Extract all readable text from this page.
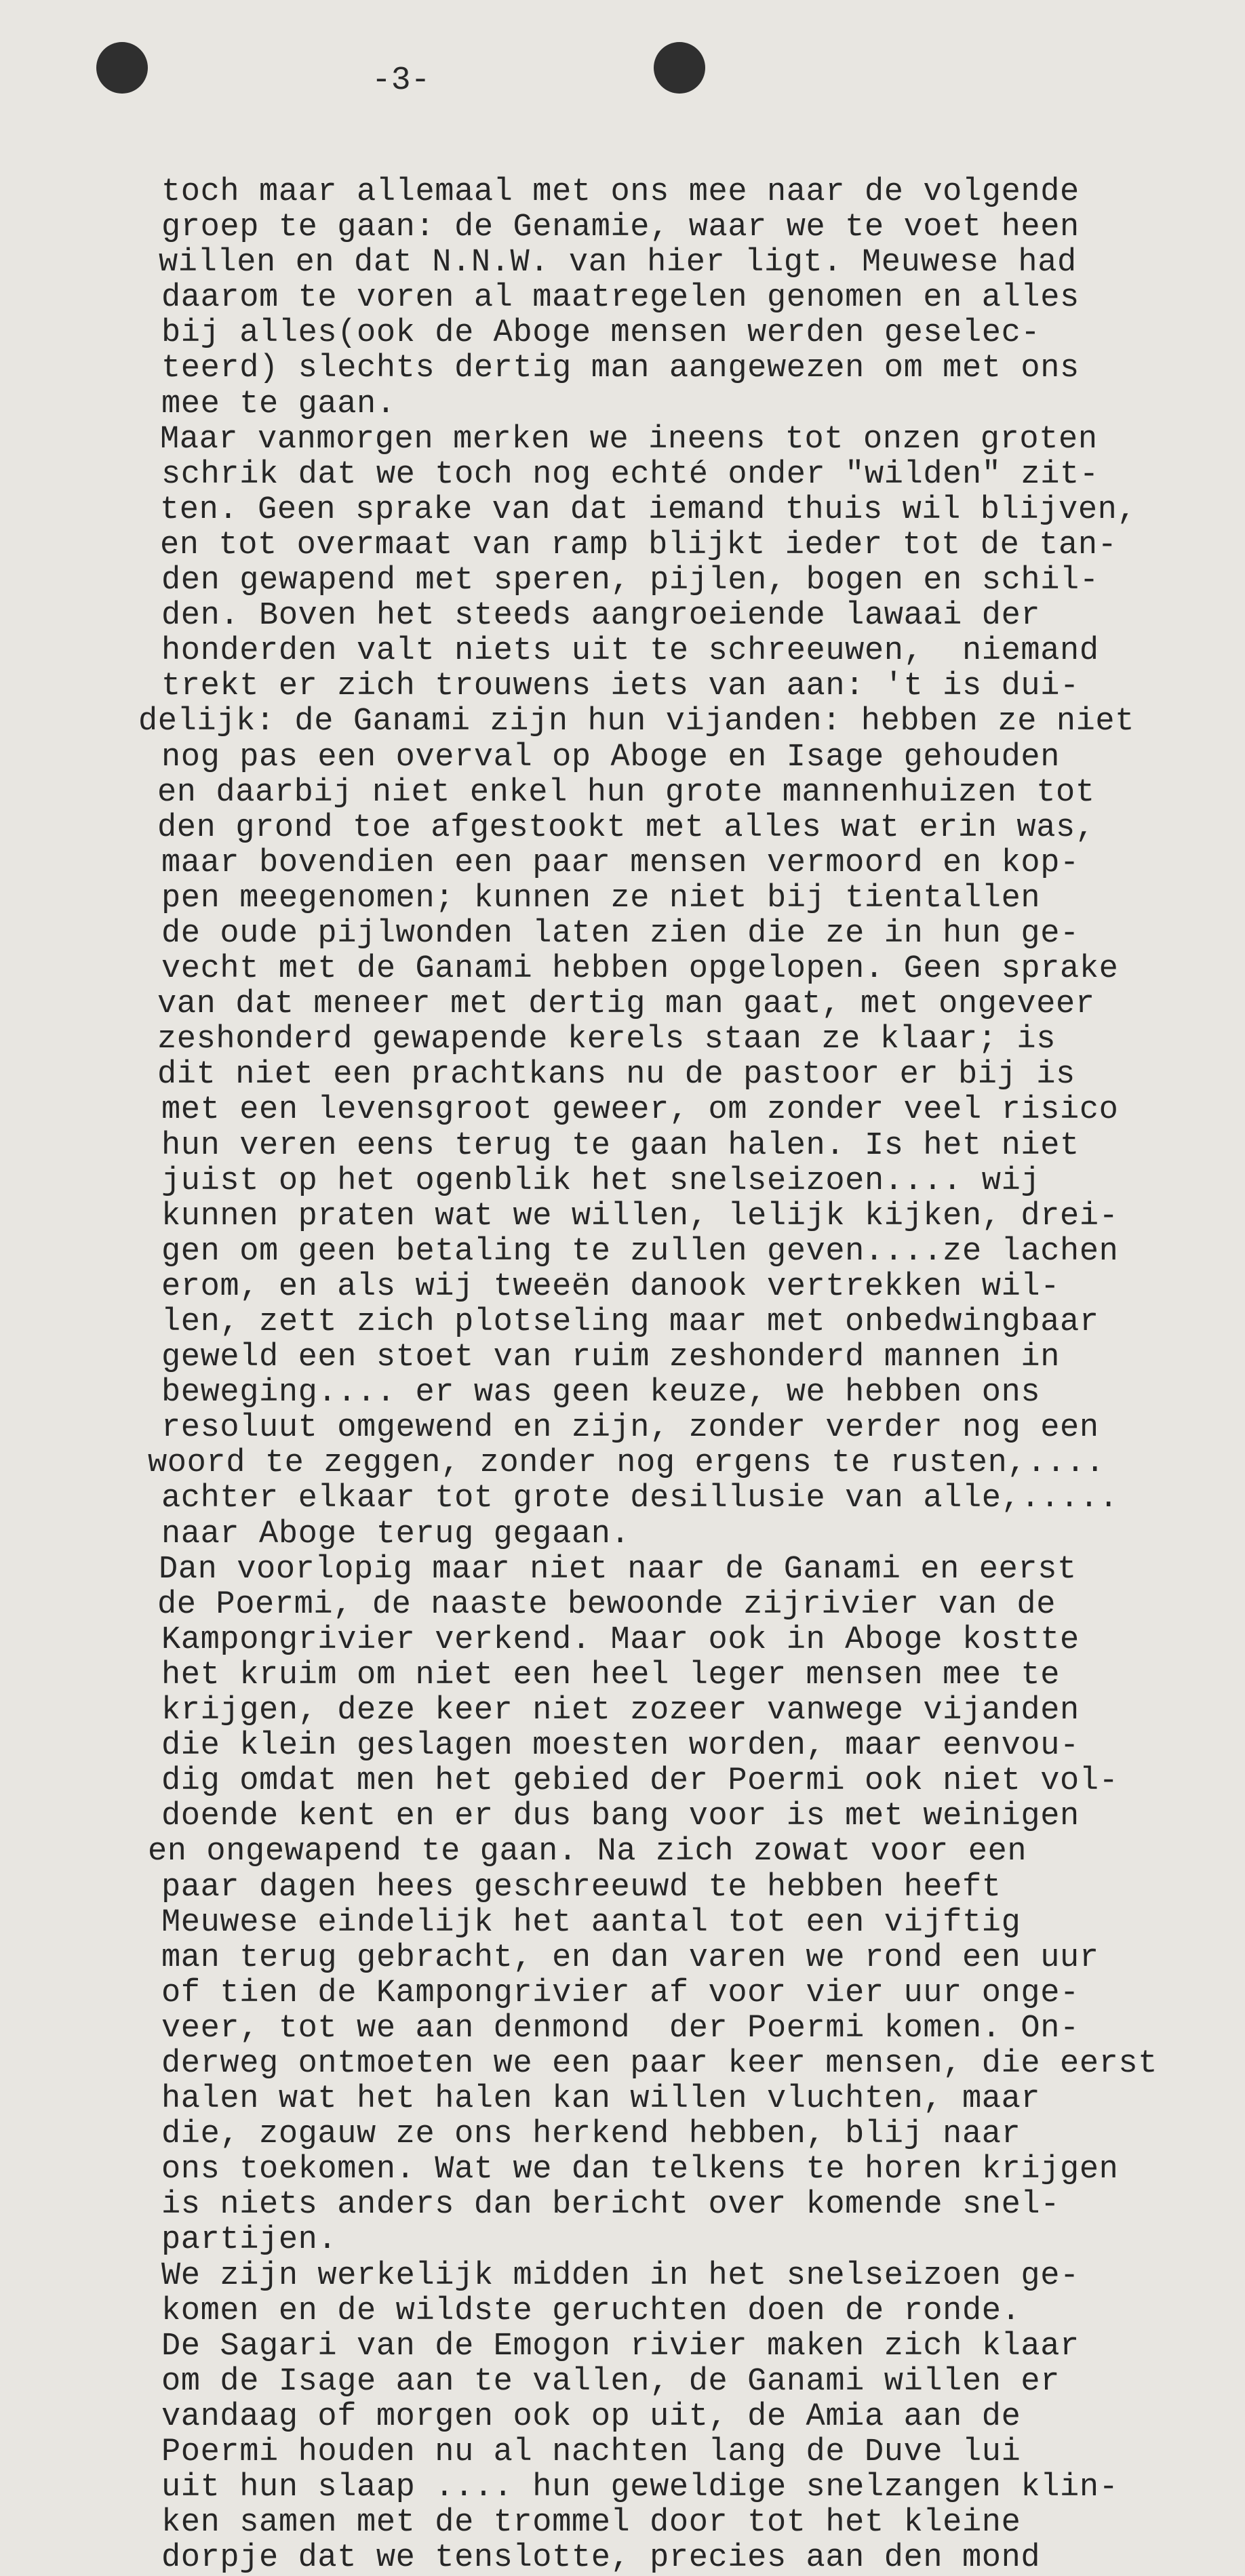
-3-
toch maar allemaal met ons mee naar de volgende
groep te gaan: de Genamie, waar we te voet heen
willen en dat N.N.W. van hier ligt. Meuwese had
daarom te voren al maatregelen genomen en alles
bij alles(ook de Aboge mensen werden geselec-
teerd) slechts dertig man aangewezen om met ons
mee te gaan.
Maar vanmorgen merken we ineens tot onzen groten
schrik dat we toch nog echté onder "wilden" zit-
ten. Geen sprake van dat iemand thuis wil blijven,
en tot overmaat van ramp blijkt ieder tot de tan-
den gewapend met speren, pijlen, bogen en schil-
den. Boven het steeds aangroeiende lawaai der
honderden valt niets uit te schreeuwen,  niemand
trekt er zich trouwens iets van aan: 't is dui-
delijk: de Ganami zijn hun vijanden: hebben ze niet
nog pas een overval op Aboge en Isage gehouden
en daarbij niet enkel hun grote mannenhuizen tot
den grond toe afgestookt met alles wat erin was,
maar bovendien een paar mensen vermoord en kop-
pen meegenomen; kunnen ze niet bij tientallen
de oude pijlwonden laten zien die ze in hun ge-
vecht met de Ganami hebben opgelopen. Geen sprake
van dat meneer met dertig man gaat, met ongeveer
zeshonderd gewapende kerels staan ze klaar; is
dit niet een prachtkans nu de pastoor er bij is
met een levensgroot geweer, om zonder veel risico
hun veren eens terug te gaan halen. Is het niet
juist op het ogenblik het snelseizoen.... wij
kunnen praten wat we willen, lelijk kijken, drei-
gen om geen betaling te zullen geven....ze lachen
erom, en als wij tweeën danook vertrekken wil-
len, zett zich plotseling maar met onbedwingbaar
geweld een stoet van ruim zeshonderd mannen in
beweging.... er was geen keuze, we hebben ons
resoluut omgewend en zijn, zonder verder nog een
woord te zeggen, zonder nog ergens te rusten,....
achter elkaar tot grote desillusie van alle,.....
naar Aboge terug gegaan.
Dan voorlopig maar niet naar de Ganami en eerst
de Poermi, de naaste bewoonde zijrivier van de
Kampongrivier verkend. Maar ook in Aboge kostte
het kruim om niet een heel leger mensen mee te
krijgen, deze keer niet zozeer vanwege vijanden
die klein geslagen moesten worden, maar eenvou-
dig omdat men het gebied der Poermi ook niet vol-
doende kent en er dus bang voor is met weinigen
en ongewapend te gaan. Na zich zowat voor een
paar dagen hees geschreeuwd te hebben heeft
Meuwese eindelijk het aantal tot een vijftig
man terug gebracht, en dan varen we rond een uur
of tien de Kampongrivier af voor vier uur onge-
veer, tot we aan denmond  der Poermi komen. On-
derweg ontmoeten we een paar keer mensen, die eerst
halen wat het halen kan willen vluchten, maar
die, zogauw ze ons herkend hebben, blij naar
ons toekomen. Wat we dan telkens te horen krijgen
is niets anders dan bericht over komende snel-
partijen.
We zijn werkelijk midden in het snelseizoen ge-
komen en de wildste geruchten doen de ronde.
De Sagari van de Emogon rivier maken zich klaar
om de Isage aan te vallen, de Ganami willen er
vandaag of morgen ook op uit, de Amia aan de
Poermi houden nu al nachten lang de Duve lui
uit hun slaap .... hun geweldige snelzangen klin-
ken samen met de trommel door tot het kleine
dorpje dat we tenslotte, precies aan den mond
